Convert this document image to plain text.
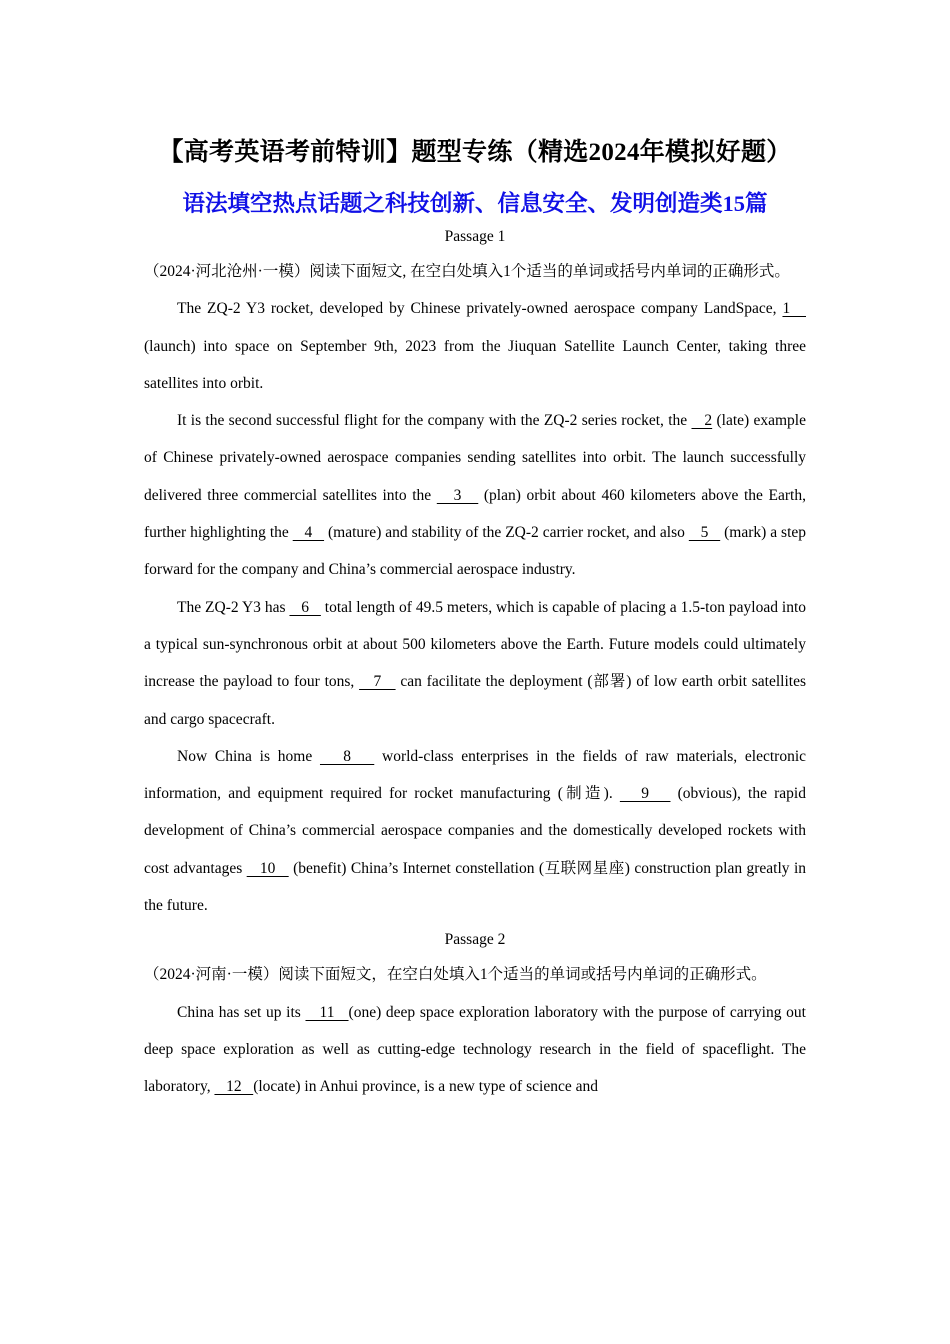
【高考英语考前特训】题型专练（精选2024年模拟好题）
语法填空热点话题之科技创新、信息安全、发明创造类15篇
Passage 1

（2024·河北沧州·一模）阅读下面短文, 在空白处填入1个适当的单词或括号内单词的正确形式。

The ZQ-2 Y3 rocket, developed by Chinese privately-owned aerospace company LandSpace, 1    (launch) into space on September 9th, 2023 from the Jiuquan Satellite Launch Center, taking three satellites into orbit.

It is the second successful flight for the company with the ZQ-2 series rocket, the    2 (late) example of Chinese privately-owned aerospace companies sending satellites into orbit. The launch successfully delivered three commercial satellites into the    3    (plan) orbit about 460 kilometers above the Earth, further highlighting the    4    (mature) and stability of the ZQ-2 carrier rocket, and also    5    (mark) a step forward for the company and China’s commercial aerospace industry.

The ZQ-2 Y3 has    6    total length of 49.5 meters, which is capable of placing a 1.5-ton payload into a typical sun-synchronous orbit at about 500 kilometers above the Earth. Future models could ultimately increase the payload to four tons,    7    can facilitate the deployment (部署) of low earth orbit satellites and cargo spacecraft.

Now China is home    8    world-class enterprises in the fields of raw materials, electronic information, and equipment required for rocket manufacturing (制造).    9    (obvious), the rapid development of China’s commercial aerospace companies and the domestically developed rockets with cost advantages    10    (benefit) China’s Internet constellation (互联网星座) construction plan greatly in the future.

Passage 2

（2024·河南·一模）阅读下面短文，在空白处填入1个适当的单词或括号内单词的正确形式。

China has set up its    11   (one) deep space exploration laboratory with the purpose of carrying out deep space exploration as well as cutting-edge technology research in the field of spaceflight. The laboratory,    12   (locate) in Anhui province, is a new type of science and
